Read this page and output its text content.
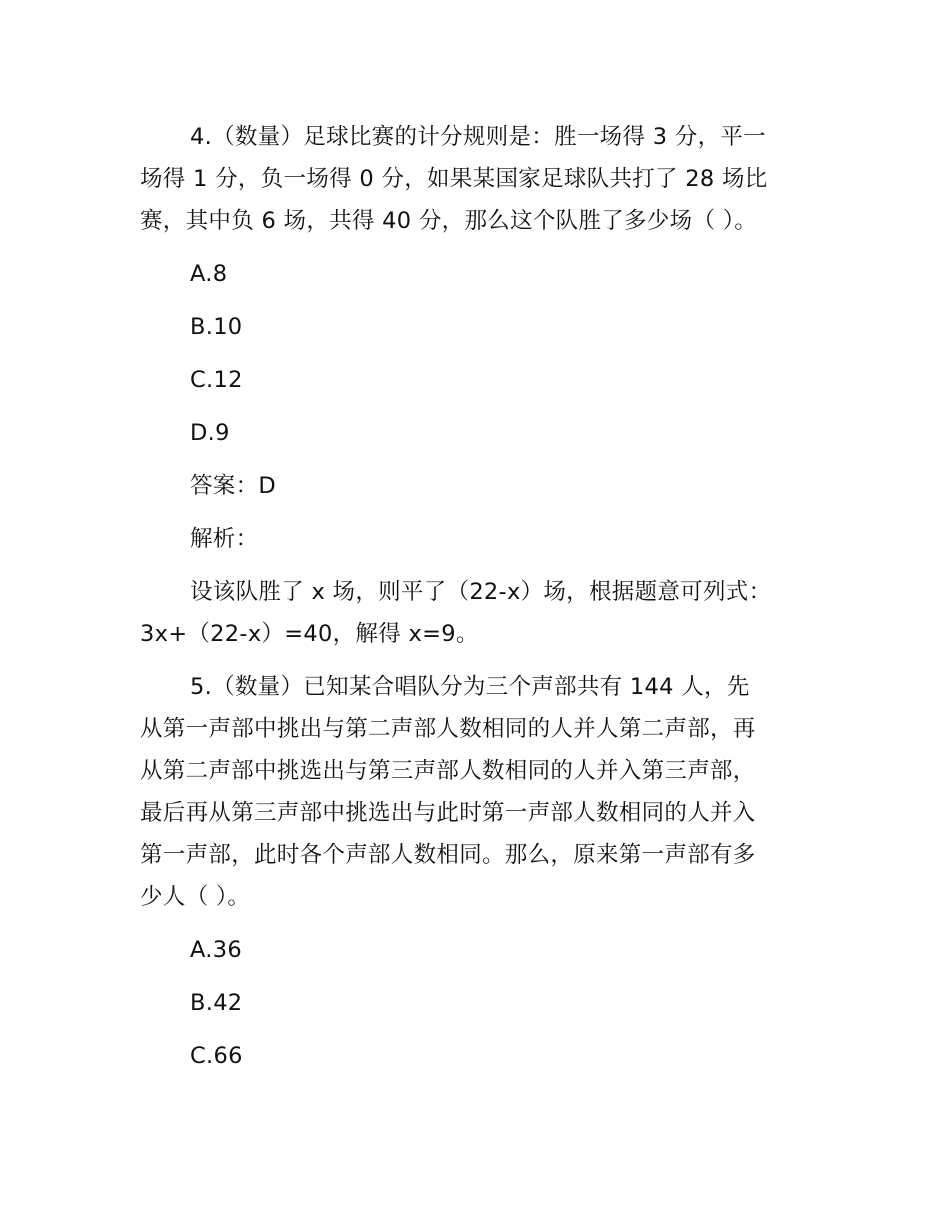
4.（数量）足球比赛的计分规则是：胜一场得 3 分，平一
场得 1 分，负一场得 0 分，如果某国家足球队共打了 28 场比
赛，其中负 6 场，共得 40 分，那么这个队胜了多少场（ ）。
A.8
B.10
C.12
D.9
答案：D
解析：
设该队胜了 x 场，则平了（22-x）场，根据题意可列式：
3x+（22-x）=40，解得 x=9。
5.（数量）已知某合唱队分为三个声部共有 144 人，先
从第一声部中挑出与第二声部人数相同的人并人第二声部，再
从第二声部中挑选出与第三声部人数相同的人并入第三声部，
最后再从第三声部中挑选出与此时第一声部人数相同的人并入
第一声部，此时各个声部人数相同。那么，原来第一声部有多
少人（ ）。
A.36
B.42
C.66
